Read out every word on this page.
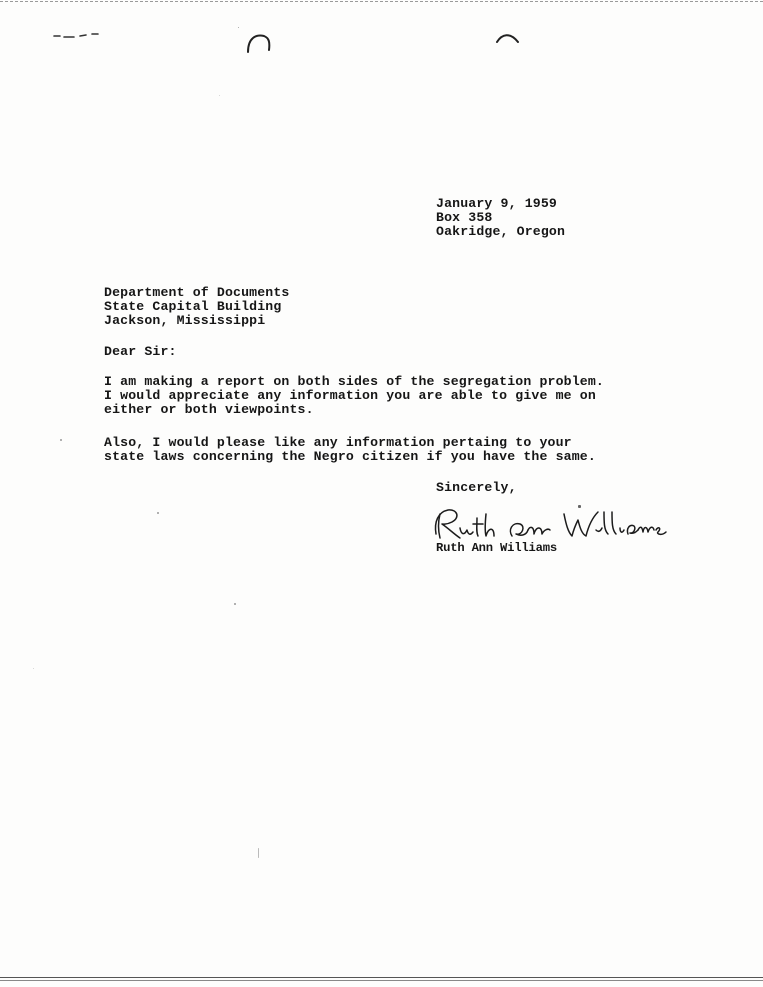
January 9, 1959
Box 358
Oakridge, Oregon
Department of Documents
State Capital Building
Jackson, Mississippi
Dear Sir:
I am making a report on both sides of the segregation problem.
I would appreciate any information you are able to give me on
either or both viewpoints.
Also, I would please like any information pertaing to your
state laws concerning the Negro citizen if you have the same.
Sincerely,
Ruth Ann Williams
